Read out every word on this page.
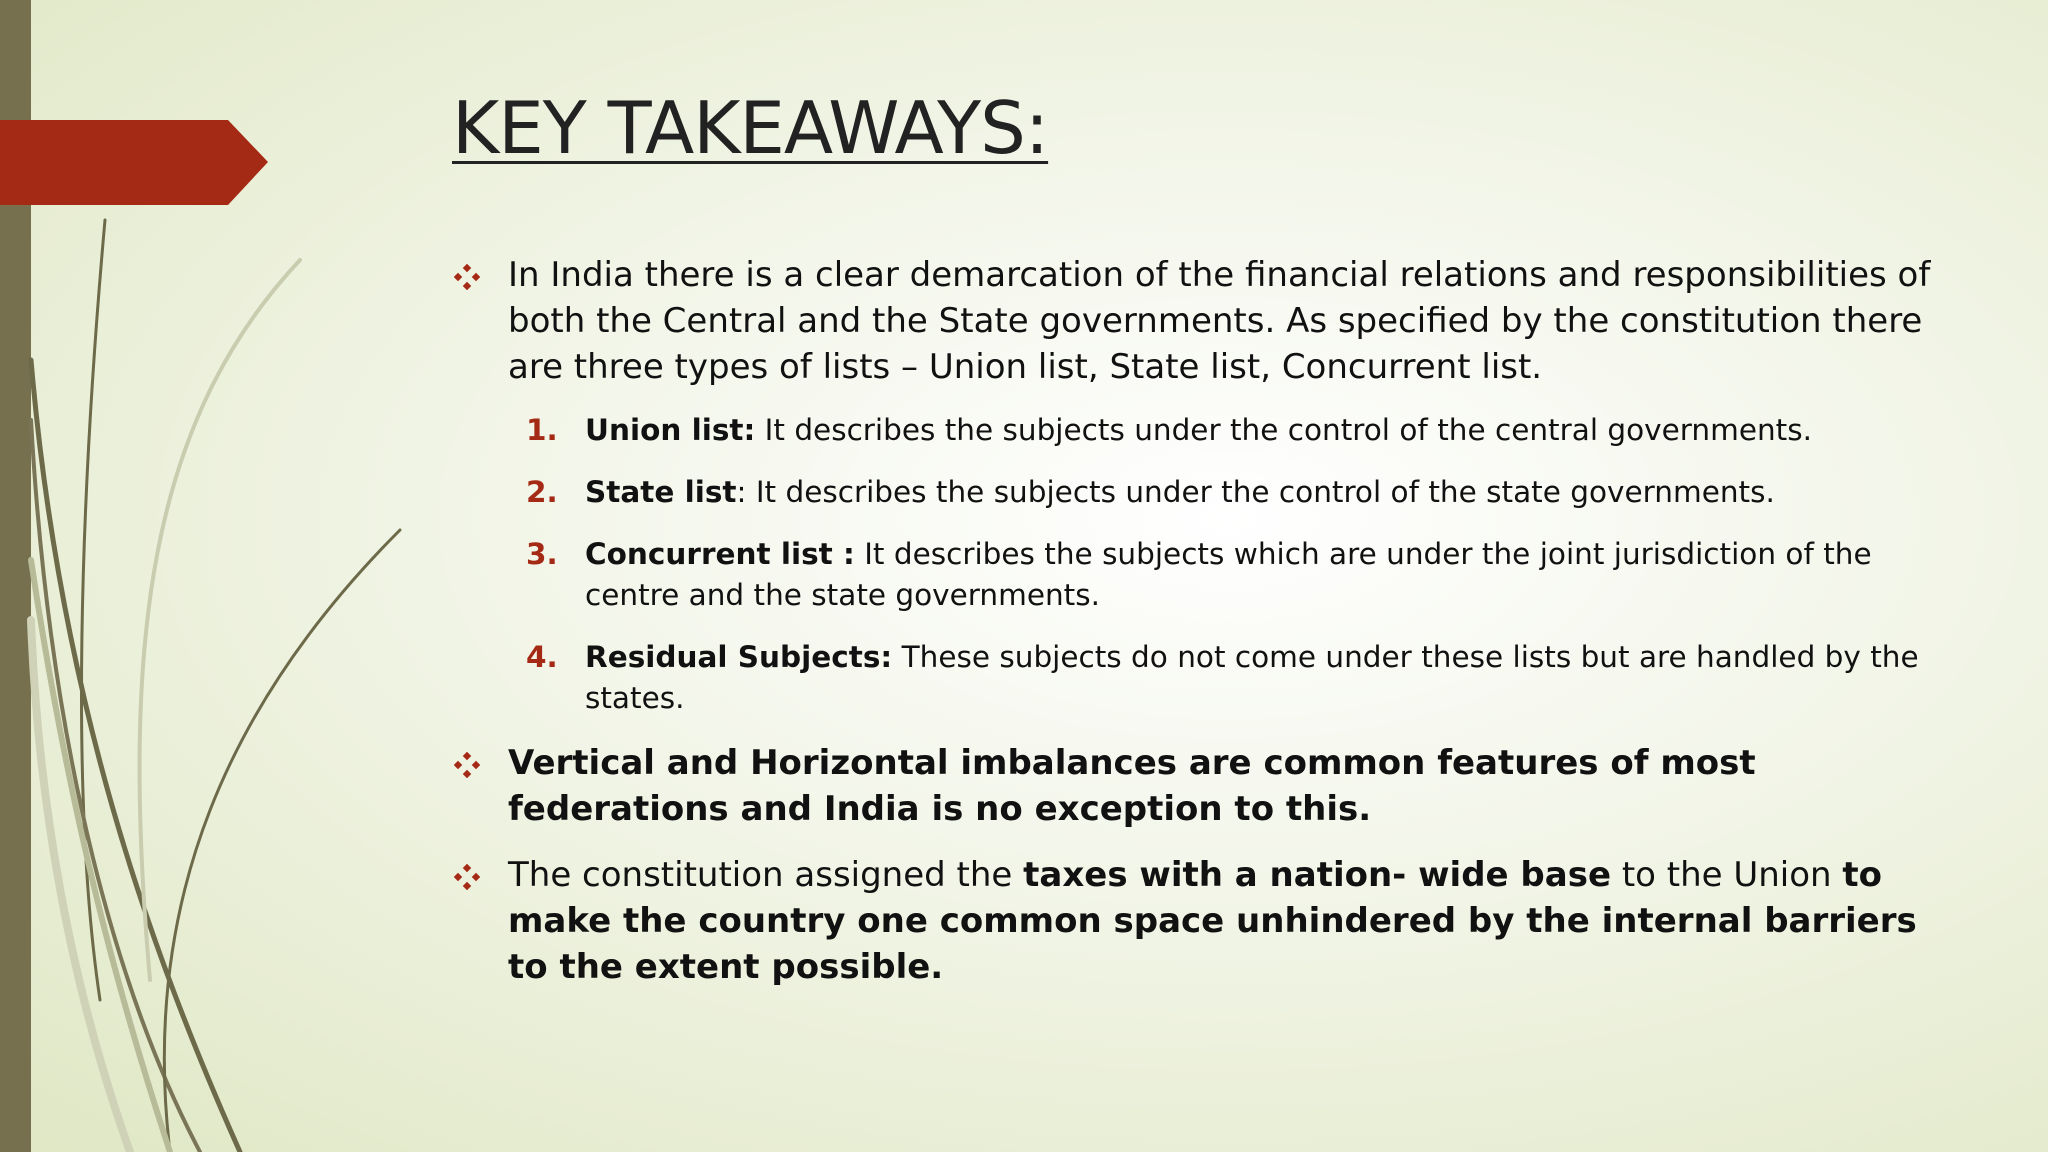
KEY TAKEAWAYS:

In India there is a clear demarcation of the financial relations and responsibilities of both the Central and the State governments. As specified by the constitution there are three types of lists – Union list, State list, Concurrent list.

1. Union list: It describes the subjects under the control of the central governments.
2. State list: It describes the subjects under the control of the state governments.
3. Concurrent list : It describes the subjects which are under the joint jurisdiction of the centre and the state governments.
4. Residual Subjects: These subjects do not come under these lists but are handled by the states.

Vertical and Horizontal imbalances are common features of most federations and India is no exception to this.

The constitution assigned the taxes with a nation- wide base to the Union to make the country one common space unhindered by the internal barriers to the extent possible.
